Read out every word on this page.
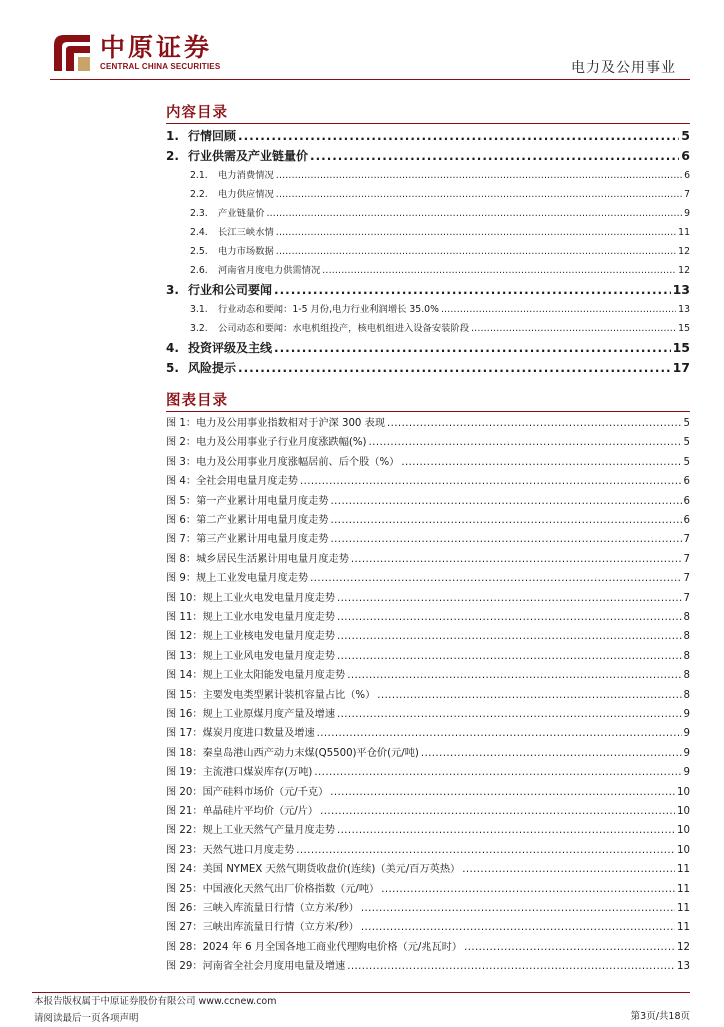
中原证券
CENTRAL CHINA SECURITIES	电力及公用事业
内容目录
1. 行情回顾 .....	5
2. 行业供需及产业链量价 .....	6
2.1.	电力消费情况 .....	6
2.2.	电力供应情况 .....	7
2.3.	产业链量价 .....	9
2.4.	长江三峡水情 .....	11
2.5.	电力市场数据 .....	12
2.6.	河南省月度电力供需情况 .....	12
3. 行业和公司要闻 .....	13
3.1.	行业动态和要闻：1-5 月份,电力行业利润增长 35.0% .....	13
3.2.	公司动态和要闻：水电机组投产，核电机组进入设备安装阶段 .....	15
4. 投资评级及主线 .....	15
5. 风险提示 .....	17
图表目录
图 1：电力及公用事业指数相对于沪深 300 表现 .....	5
图 2：电力及公用事业子行业月度涨跌幅(%) .....	5
图 3：电力及公用事业月度涨幅居前、后个股（%） .....	5
图 4：全社会用电量月度走势 .....	6
图 5：第一产业累计用电量月度走势 .....	6
图 6：第二产业累计用电量月度走势 .....	6
图 7：第三产业累计用电量月度走势 .....	7
图 8：城乡居民生活累计用电量月度走势 .....	7
图 9：规上工业发电量月度走势 .....	7
图 10：规上工业火电发电量月度走势 .....	7
图 11：规上工业水电发电量月度走势 .....	8
图 12：规上工业核电发电量月度走势 .....	8
图 13：规上工业风电发电量月度走势 .....	8
图 14：规上工业太阳能发电量月度走势 .....	8
图 15：主要发电类型累计装机容量占比（%） .....	8
图 16：规上工业原煤月度产量及增速 .....	9
图 17：煤炭月度进口数量及增速 .....	9
图 18：秦皇岛港山西产动力末煤(Q5500)平仓价(元/吨) .....	9
图 19：主流港口煤炭库存(万吨) .....	9
图 20：国产硅料市场价（元/千克） .....	10
图 21：单晶硅片平均价（元/片） .....	10
图 22：规上工业天然气产量月度走势 .....	10
图 23：天然气进口月度走势 .....	10
图 24：美国 NYMEX 天然气期货收盘价(连续)（美元/百万英热） .....	11
图 25：中国液化天然气出厂价格指数（元/吨） .....	11
图 26：三峡入库流量日行情（立方米/秒） .....	11
图 27：三峡出库流量日行情（立方米/秒） .....	11
图 28：2024 年 6 月全国各地工商业代理购电价格（元/兆瓦时） .....	12
图 29：河南省全社会月度用电量及增速 .....	13
本报告版权属于中原证券股份有限公司 www.ccnew.com
请阅读最后一页各项声明	第3页/共18页
